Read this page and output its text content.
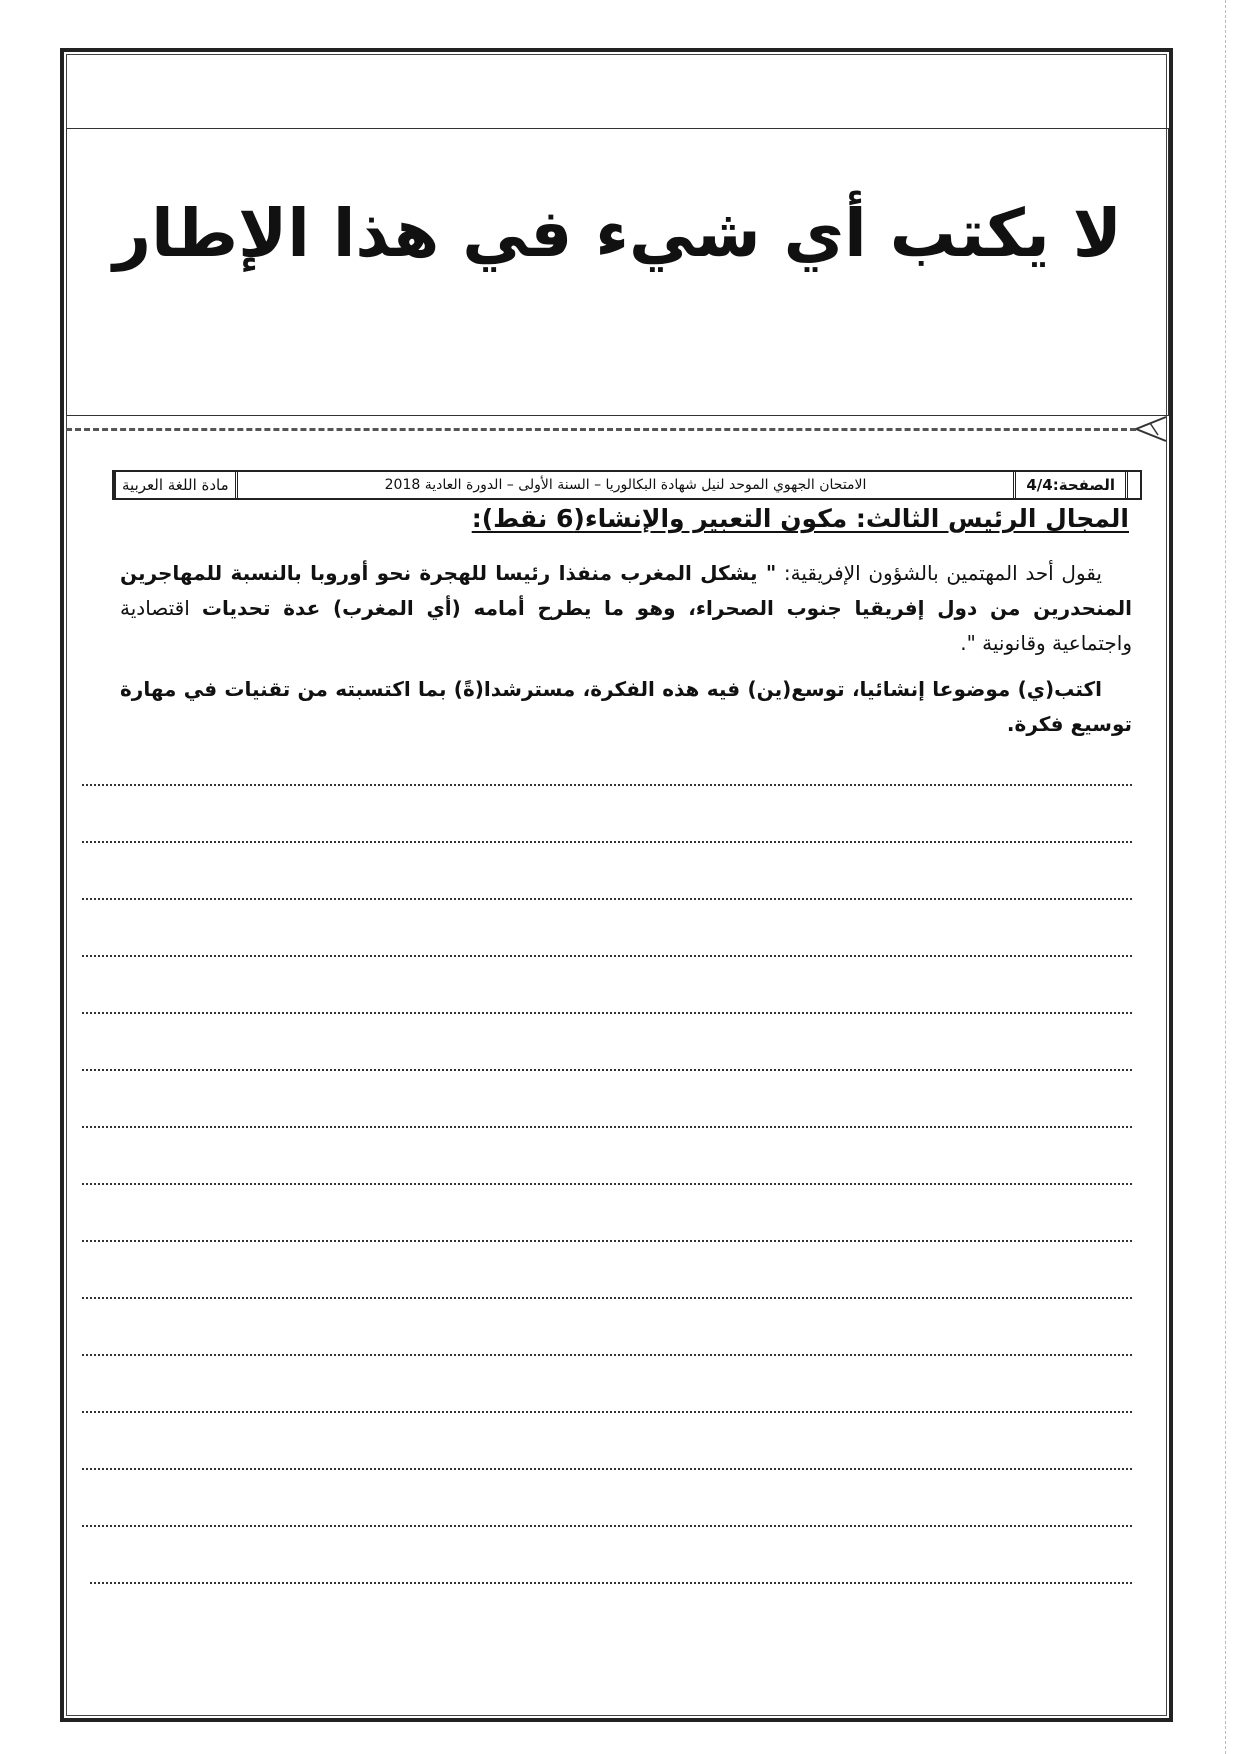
لا يكتب أي شيء في هذا الإطار
مادة اللغة العربية	الامتحان الجهوي الموحد لنيل شهادة البكالوريا – السنة الأولى – الدورة العادية 2018	الصفحة:4/4
المجال الرئيس الثالث: مكون التعبير والإنشاء(6 نقط):
يقول أحد المهتمين بالشؤون الإفريقية: " يشكل المغرب منفذا رئيسا للهجرة نحو أوروبا بالنسبة للمهاجرين المنحدرين من دول إفريقيا جنوب الصحراء، وهو ما يطرح أمامه (أي المغرب) عدة تحديات اقتصادية واجتماعية وقانونية ".
اكتب(ي) موضوعا إنشائيا، توسع(ين) فيه هذه الفكرة، مسترشدا(ةً) بما اكتسبته من تقنيات في مهارة توسيع فكرة.
